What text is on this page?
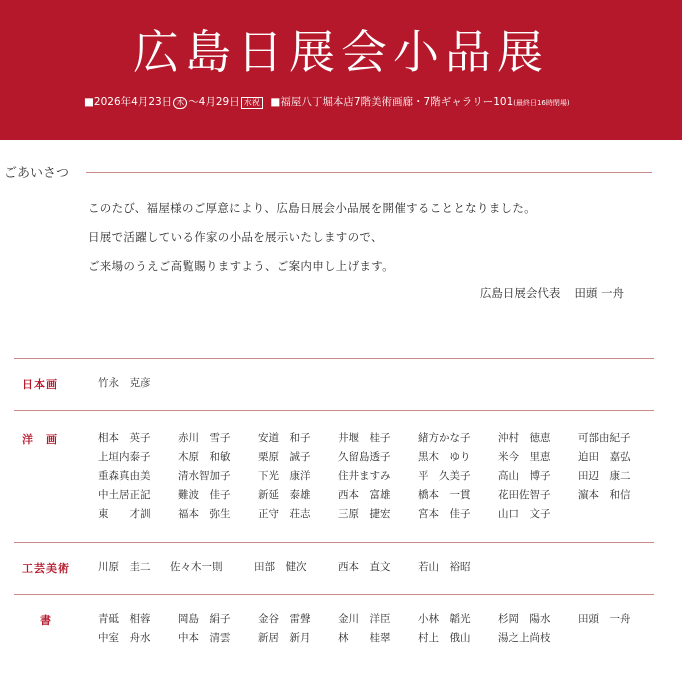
広島日展会小品展
■2026年4月23日 木 〜4月29日 水祝 ■福屋八丁堀本店7階美術画廊・7階ギャラリー101(最終日16時閉場)
ごあいさつ
このたび、福屋様のご厚意により、広島日展会小品展を開催することとなりました。
日展で活躍している作家の小品を展示いたしますので、
ご来場のうえご高覧賜りますよう、ご案内申し上げます。
広島日展会代表 田頭 一舟
日本画	竹永　克彦
洋　画	相本　英子	赤川　雪子	安道　和子	井堰　桂子	緒方かな子	沖村　徳恵	可部由紀子
上垣内泰子	木原　和敏	栗原　誠子	久留島透子	黒木　ゆり	米今　里恵	迫田　嘉弘
重森真由美	清水智加子	下光　康洋	住井ますみ	平　久美子	高山　博子	田辺　康二
中土居正記	難波　佳子	新延　泰雄	西本　富雄	橋本　一貫	花田佐智子	濵本　和信
東　　才訓	福本　弥生	正守　荘志	三原　捷宏	宮本　佳子	山口　文子
工芸美術	川原　圭二	佐々木一則	田部　健次	西本　直文	若山　裕昭
書	青砥　相蓉	岡島　絹子	金谷　雷聲	金川　洋臣	小林　韜光	杉岡　陽水	田頭　一舟
中室　舟水	中本　清雲	新居　新月	林　　桂翠	村上　俄山	湯之上尚枝
